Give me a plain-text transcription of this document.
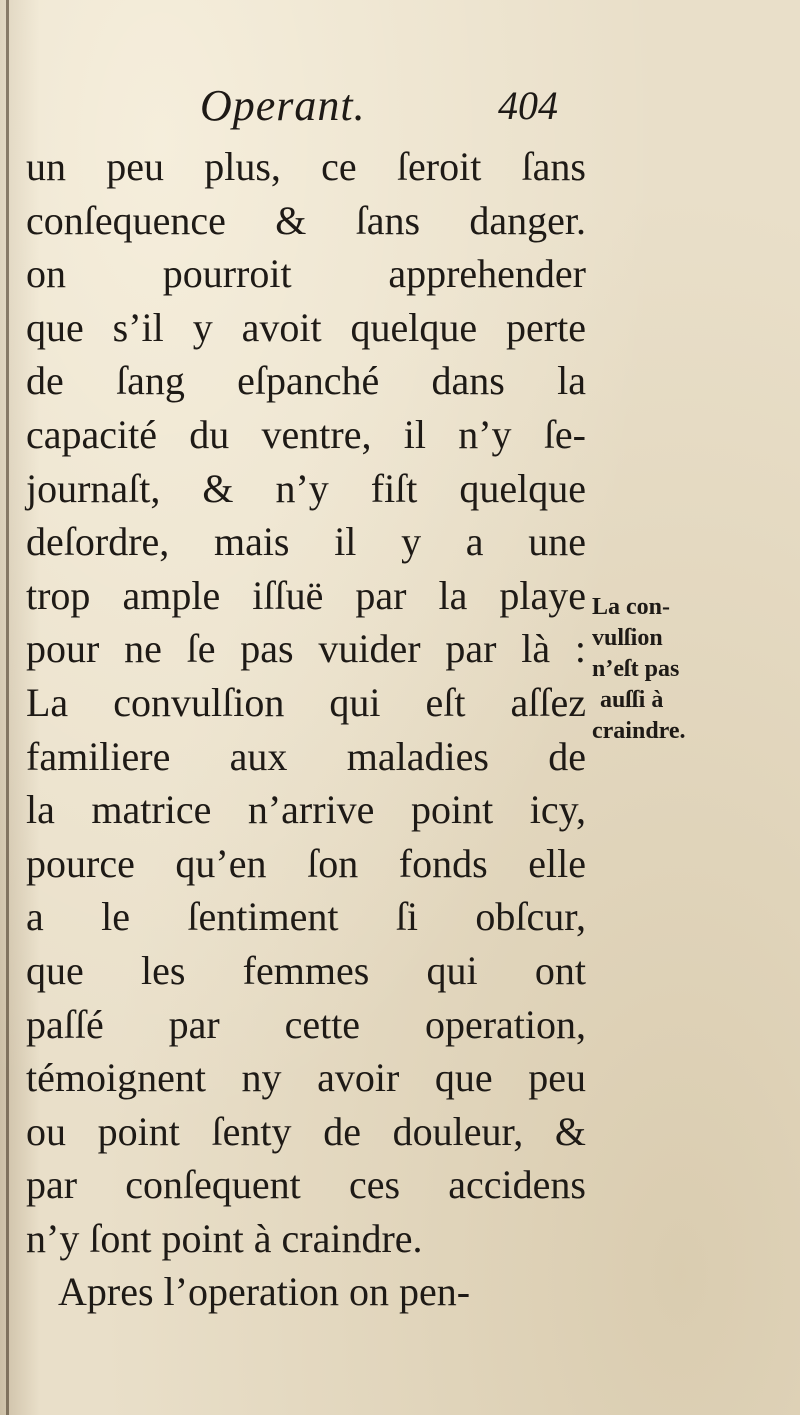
Operant.	404
un peu plus, ce ſeroit ſans
conſequence & ſans danger.
on pourroit apprehender
que s’il y avoit quelque perte
de ſang eſpanché dans la
capacité du ventre, il n’y ſe-
journaſt, & n’y fiſt quelque
deſordre, mais il y a une
trop ample iſſuë par la playe
pour ne ſe pas vuider par là :
La convulſion qui eſt aſſez
familiere aux maladies de
la matrice n’arrive point icy,
pource qu’en ſon fonds elle
a le ſentiment ſi obſcur,
que les femmes qui ont
paſſé par cette operation,
témoignent ny avoir que peu
ou point ſenty de douleur, &
par conſequent ces accidens
n’y ſont point à craindre.
Apres l’operation on pen-
La con-
vulſion
n’eſt pas
auſſi à
craindre.
